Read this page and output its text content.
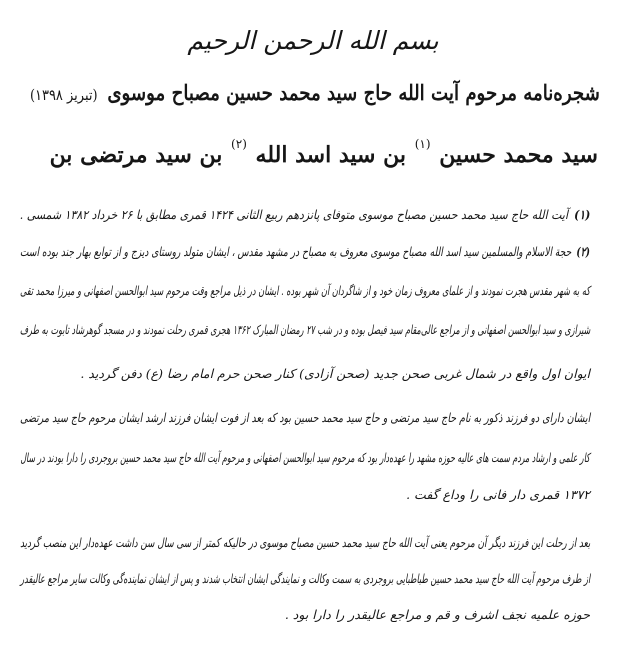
بسم الله الرحمن الرحیم
شجره‌نامه مرحوم آیت الله حاج سید محمد حسین مصباح موسوی (تبریز ۱۳۹۸)
سید محمد حسین $^{(۱)}$ بن سید اسد الله $^{(۲)}$ بن سید مرتضی بن
(۱) آیت الله حاج سید محمد حسین مصباح موسوی متوفای پانزدهم ربیع الثانی ۱۴۲۴ قمری مطابق با ۲۶ خرداد ۱۳۸۲ شمسی .
(۲) حجة الاسلام والمسلمین سید اسد الله مصباح موسوی معروف به مصباح در مشهد مقدس ، ایشان متولد روستای دیزج و از توابع بهار جند بوده است
که به شهر مقدس هجرت نمودند و از علمای معروف زمان خود و از شاگردان آن شهر بوده . ایشان در ذیل مراجع وقت مرحوم سید ابوالحسن اصفهانی و میرزا محمد تقی
شیرازی و سید ابوالحسن اصفهانی و از مراجع عالی‌مقام سید فیصل بوده و در شب ۲۷ رمضان المبارک ۱۳۶۲ هجری قمری رحلت نمودند و در مسجد گوهرشاد تابوت به طرف
ایوان اول واقع در شمال غربی صحن جدید (صحن آزادی) کنار صحن حرم امام رضا (ع) دفن گردید .
ایشان دارای دو فرزند ذکور به نام حاج سید مرتضی و حاج سید محمد حسین بود که بعد از فوت ایشان فرزند ارشد ایشان مرحوم حاج سید مرتضی
کار علمی و ارشاد مردم سمت های عالیه حوزه مشهد را عهده‌دار بود که مرحوم سید ابوالحسن اصفهانی و مرحوم آیت الله حاج سید محمد حسین بروجردی را دارا بودند در سال
۱۳۷۲ قمری دار فانی را وداع گفت .
بعد از رحلت این فرزند دیگر آن مرحوم یعنی آیت الله حاج سید محمد حسین مصباح موسوی در حالیکه کمتر از سی سال سن داشت عهده‌دار این منصب گردید
از طرف مرحوم آیت الله حاج سید محمد حسین طباطبایی بروجردی به سمت وکالت و نمایندگی ایشان انتخاب شدند و پس از ایشان نماینده‌گی وکالت سایر مراجع عالیقدر
حوزه علمیه نجف اشرف و قم و مراجع عالیقدر را دارا بود .
